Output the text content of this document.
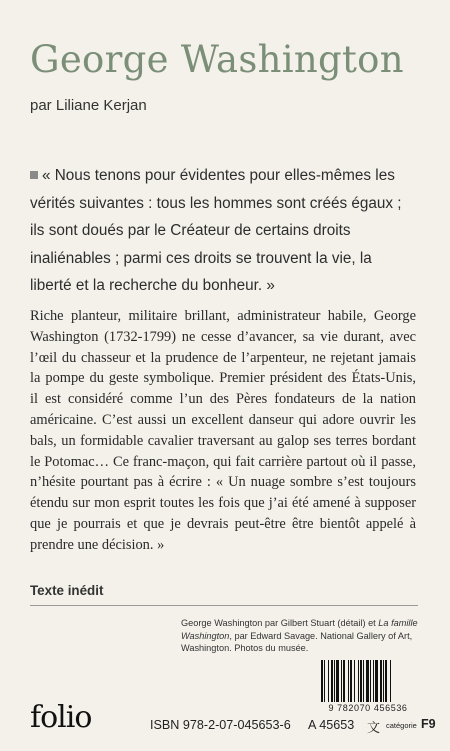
George Washington
par Liliane Kerjan
« Nous tenons pour évidentes pour elles-mêmes les vérités suivantes : tous les hommes sont créés égaux ; ils sont doués par le Créateur de certains droits inaliénables ; parmi ces droits se trouvent la vie, la liberté et la recherche du bonheur. »
Riche planteur, militaire brillant, administrateur habile, George Washington (1732-1799) ne cesse d’avancer, sa vie durant, avec l’œil du chasseur et la prudence de l’arpenteur, ne rejetant jamais la pompe du geste symbolique. Premier président des États-Unis, il est considéré comme l’un des Pères fondateurs de la nation américaine. C’est aussi un excellent danseur qui adore ouvrir les bals, un formidable cavalier traversant au galop ses terres bordant le Potomac… Ce franc-maçon, qui fait carrière partout où il passe, n’hésite pourtant pas à écrire : « Un nuage sombre s’est toujours étendu sur mon esprit toutes les fois que j’ai été amené à supposer que je pourrais et que je devrais peut-être être bientôt appelé à prendre une décision. »
Texte inédit
George Washington par Gilbert Stuart (détail) et La famille Washington, par Edward Savage. National Gallery of Art, Washington. Photos du musée.
9 782070 456536
folio	ISBN 978-2-07-045653-6 A 45653 ⽂ catégorie F9
